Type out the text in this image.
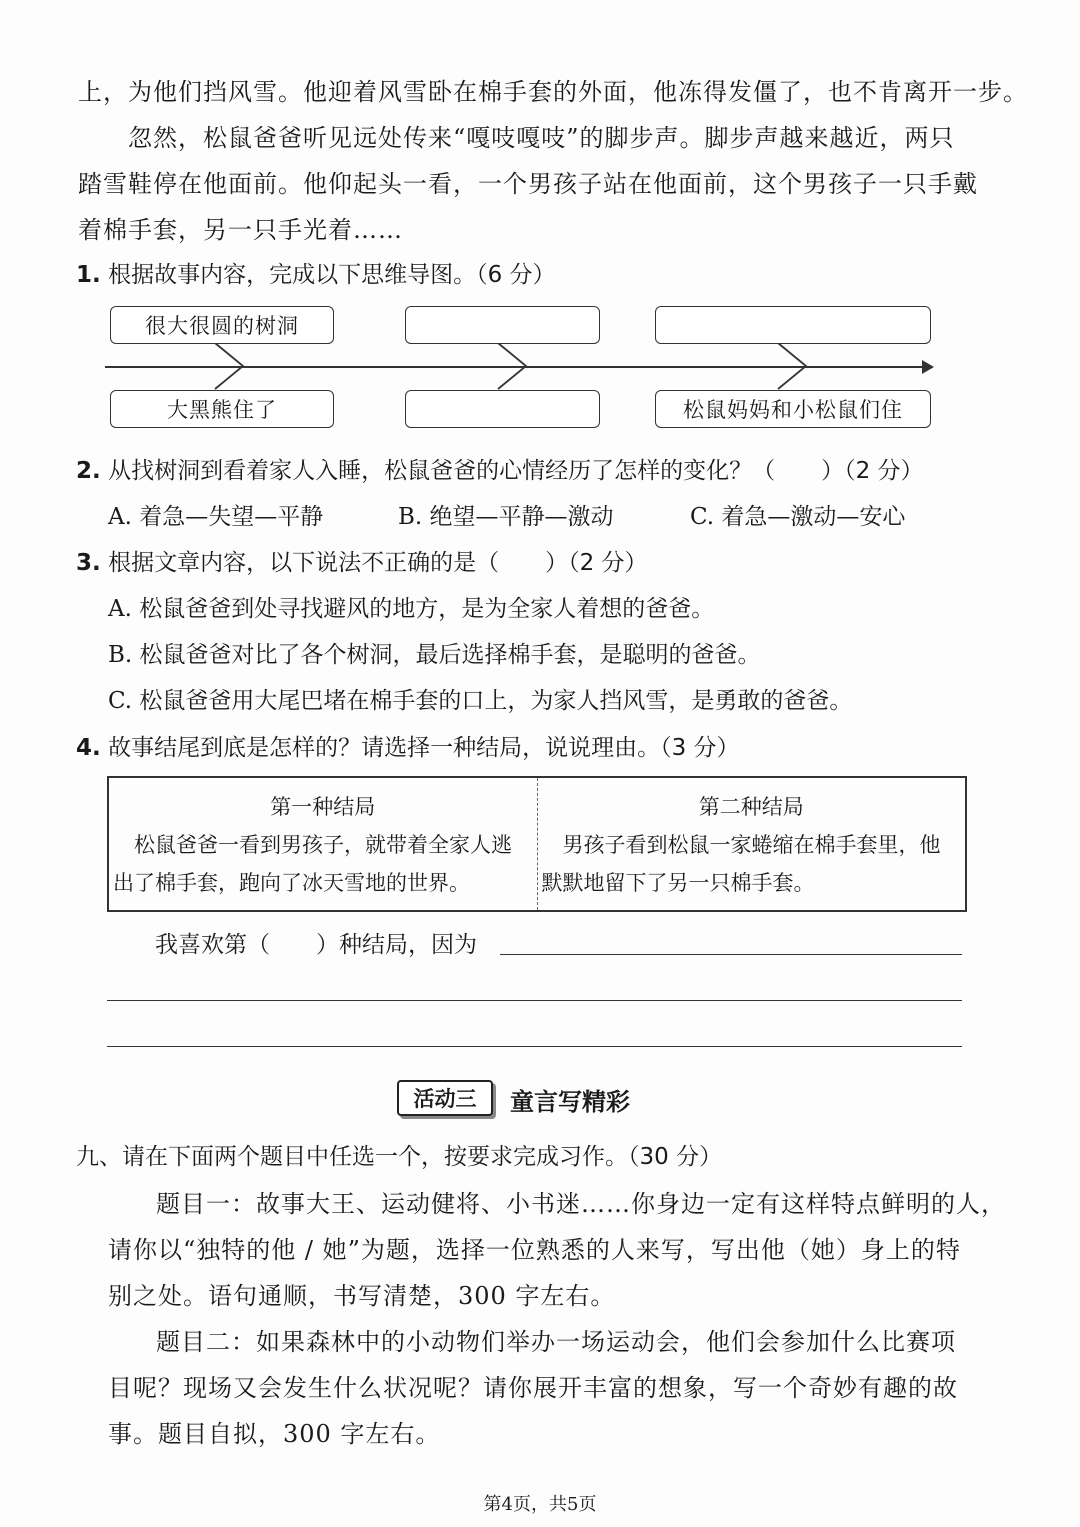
上，为他们挡风雪。他迎着风雪卧在棉手套的外面，他冻得发僵了，也不肯离开一步。
忽然，松鼠爸爸听见远处传来“嘎吱嘎吱”的脚步声。脚步声越来越近，两只
踏雪鞋停在他面前。他仰起头一看，一个男孩子站在他面前，这个男孩子一只手戴
着棉手套，另一只手光着……
1. 根据故事内容，完成以下思维导图。（6 分）
很大很圆的树洞
大黑熊住了	松鼠妈妈和小松鼠们住
2. 从找树洞到看着家人入睡，松鼠爸爸的心情经历了怎样的变化？（　　）（2 分）
A. 着急—失望—平静	B. 绝望—平静—激动	C. 着急—激动—安心
3. 根据文章内容，以下说法不正确的是（　　）（2 分）
A. 松鼠爸爸到处寻找避风的地方，是为全家人着想的爸爸。
B. 松鼠爸爸对比了各个树洞，最后选择棉手套，是聪明的爸爸。
C. 松鼠爸爸用大尾巴堵在棉手套的口上，为家人挡风雪，是勇敢的爸爸。
4. 故事结尾到底是怎样的？请选择一种结局，说说理由。（3 分）
第一种结局
　松鼠爸爸一看到男孩子，就带着全家人逃出了棉手套，跑向了冰天雪地的世界。

第二种结局
　男孩子看到松鼠一家蜷缩在棉手套里，他默默地留下了另一只棉手套。
我喜欢第（　　）种结局，因为
活动三	童言写精彩
九、请在下面两个题目中任选一个，按要求完成习作。（30 分）
题目一：故事大王、运动健将、小书迷……你身边一定有这样特点鲜明的人，
请你以“独特的他 / 她”为题，选择一位熟悉的人来写，写出他（她）身上的特
别之处。语句通顺，书写清楚，300 字左右。
题目二：如果森林中的小动物们举办一场运动会，他们会参加什么比赛项
目呢？现场又会发生什么状况呢？请你展开丰富的想象，写一个奇妙有趣的故
事。题目自拟，300 字左右。
第4页，共5页
